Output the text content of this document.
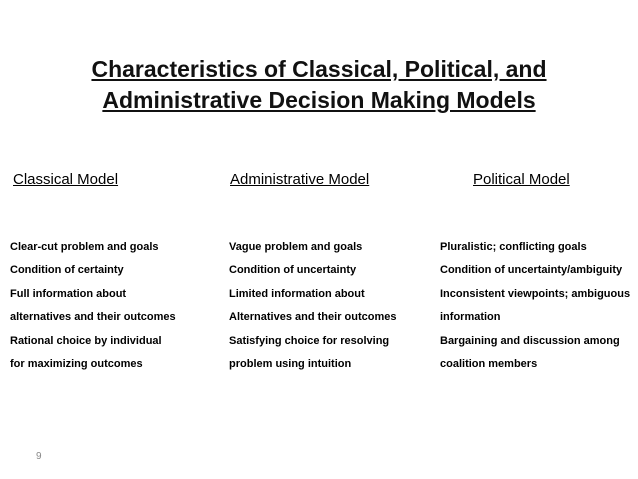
Characteristics of Classical, Political, and
Administrative Decision Making Models
Classical Model	Administrative Model	Political Model
Clear-cut problem and goals
Condition of certainty
Full information about
alternatives and their outcomes
Rational choice by individual
for maximizing outcomes
Vague problem and goals
Condition of uncertainty
Limited information about
Alternatives and their outcomes
Satisfying choice for resolving
problem using intuition
Pluralistic; conflicting goals
Condition of uncertainty/ambiguity
Inconsistent viewpoints; ambiguous
information
Bargaining and discussion among
coalition members
9
